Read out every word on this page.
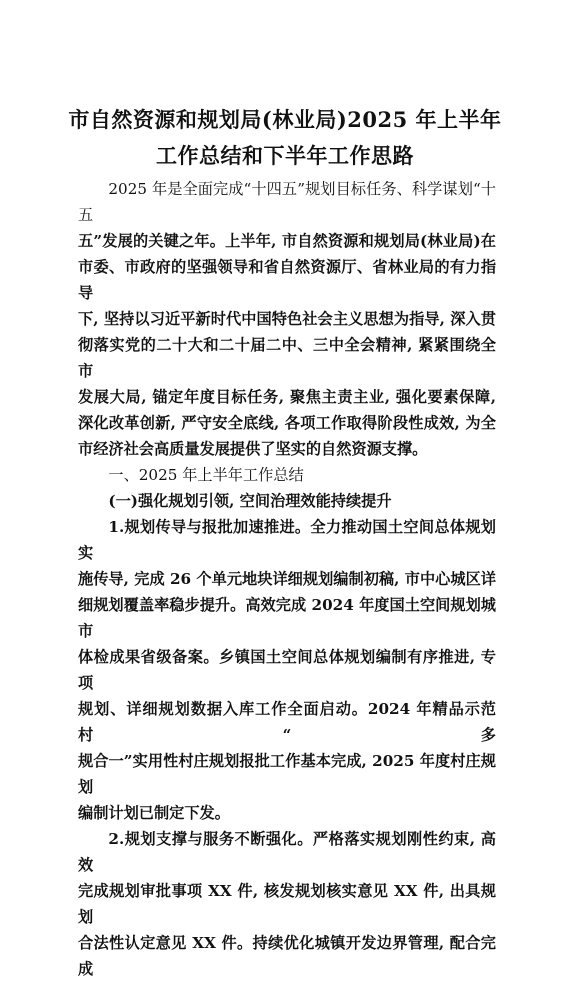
市自然资源和规划局(林业局)2025 年上半年
工作总结和下半年工作思路

2025 年是全面完成“十四五”规划目标任务、科学谋划“十五

五”发展的关键之年。上半年, 市自然资源和规划局(林业局)在

市委、市政府的坚强领导和省自然资源厅、省林业局的有力指导

下, 坚持以习近平新时代中国特色社会主义思想为指导, 深入贯

彻落实党的二十大和二十届二中、三中全会精神, 紧紧围绕全市

发展大局, 锚定年度目标任务, 聚焦主责主业, 强化要素保障,

深化改革创新, 严守安全底线, 各项工作取得阶段性成效, 为全

市经济社会高质量发展提供了坚实的自然资源支撑。

一、2025 年上半年工作总结

(一)强化规划引领, 空间治理效能持续提升

1.规划传导与报批加速推进。全力推动国土空间总体规划实

施传导, 完成 26 个单元地块详细规划编制初稿, 市中心城区详

细规划覆盖率稳步提升。高效完成 2024 年度国土空间规划城市

体检成果省级备案。乡镇国土空间总体规划编制有序推进, 专项

规划、详细规划数据入库工作全面启动。2024 年精品示范村“多

规合一”实用性村庄规划报批工作基本完成, 2025 年度村庄规划

编制计划已制定下发。

2.规划支撑与服务不断强化。严格落实规划刚性约束, 高效

完成规划审批事项 XX 件, 核发规划核实意见 XX 件, 出具规划

合法性认定意见 XX 件。持续优化城镇开发边界管理, 配合完成
